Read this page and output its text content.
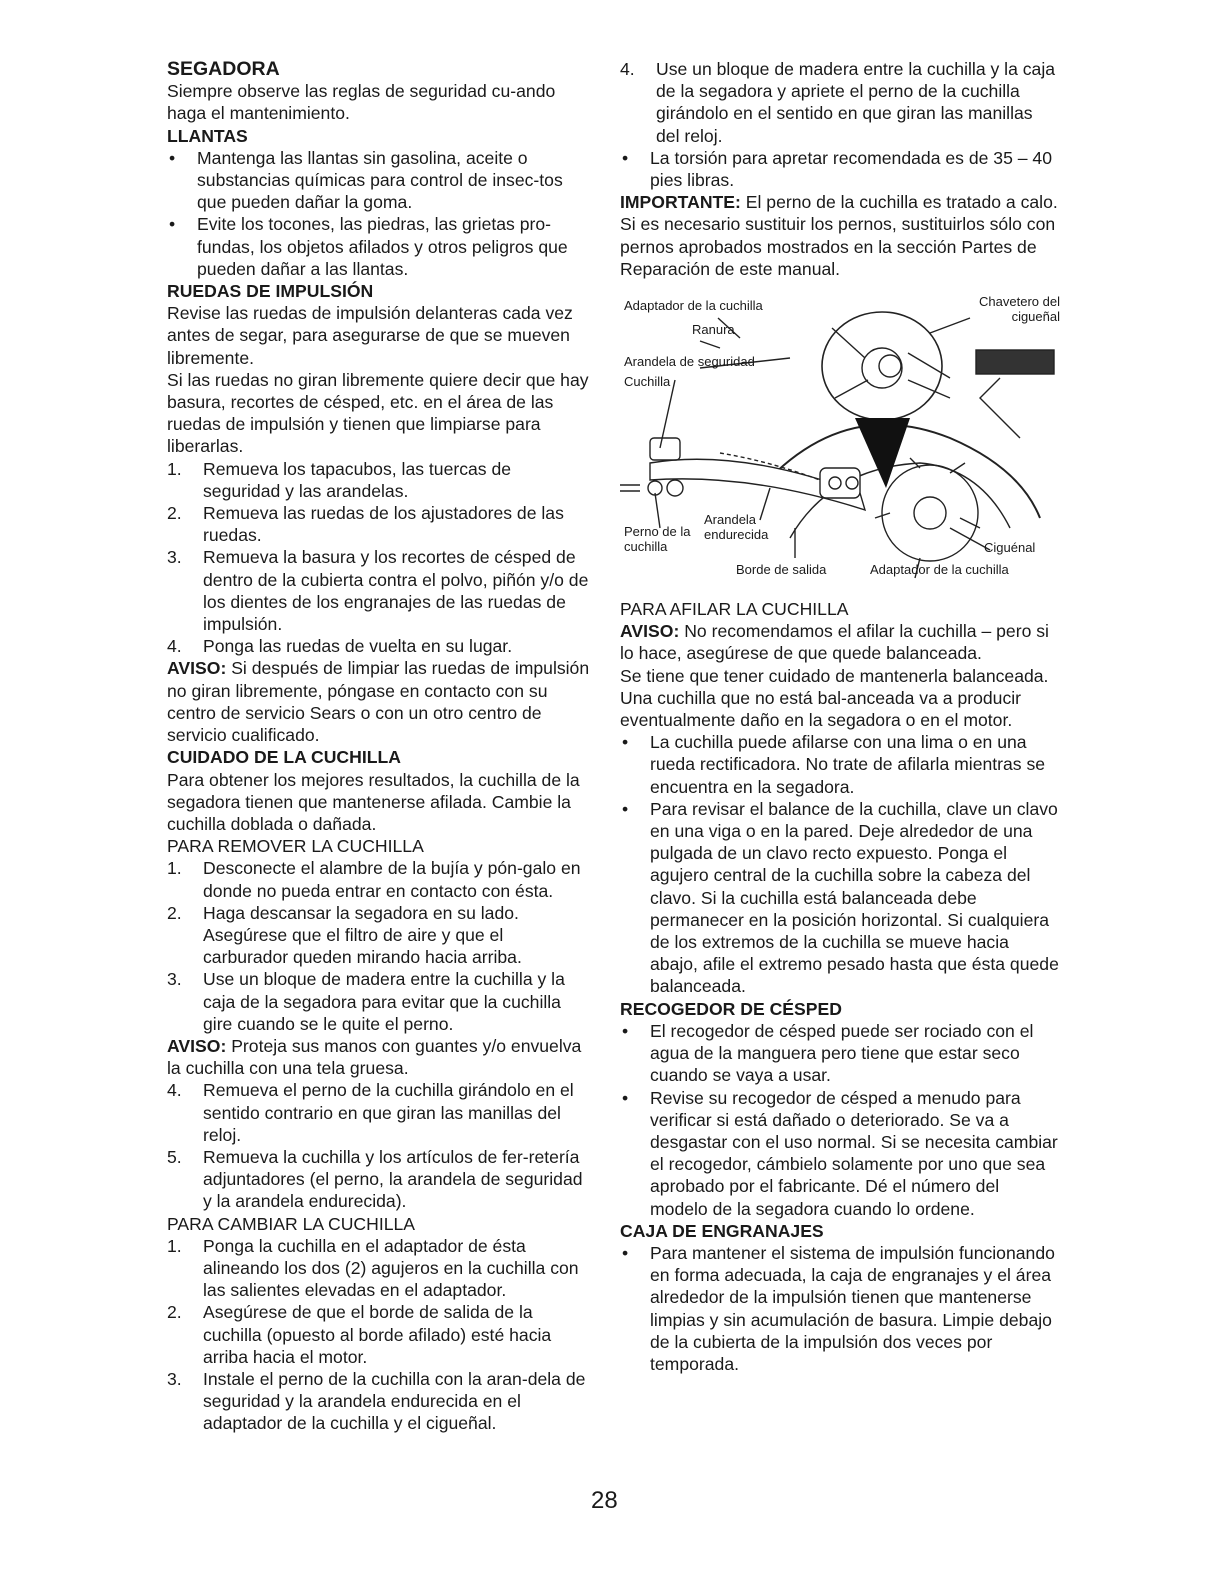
SEGADORA

Siempre observe las reglas de seguridad cu-ando haga el mantenimiento.

LLANTAS

•	Mantenga las llantas sin gasolina, aceite o substancias químicas para control de insec-tos que pueden dañar la goma.
•	Evite los tocones, las piedras, las grietas pro-fundas, los objetos afilados y otros peligros que pueden dañar a las llantas.

RUEDAS DE IMPULSIÓN

Revise las ruedas de impulsión delanteras cada vez antes de segar, para asegurarse de que se mueven libremente.

Si las ruedas no giran libremente quiere decir que hay basura, recortes de césped, etc. en el área de las ruedas de impulsión y tienen que limpiarse para liberarlas.

1.	Remueva los tapacubos, las tuercas de seguridad y las arandelas.
2.	Remueva las ruedas de los ajustadores de las ruedas.
3.	Remueva la basura y los recortes de césped de dentro de la cubierta contra el polvo, piñón y/o de los dientes de los engranajes de las ruedas de impulsión.
4.	Ponga las ruedas de vuelta en su lugar.

AVISO: Si después de limpiar las ruedas de impulsión no giran libremente, póngase en contacto con su centro de servicio Sears o con un otro centro de servicio cualificado.

CUIDADO DE LA CUCHILLA

Para obtener los mejores resultados, la cuchilla de la segadora tienen que mantenerse afilada. Cambie la cuchilla doblada o dañada.

PARA REMOVER LA CUCHILLA

1.	Desconecte el alambre de la bujía y pón-galo en donde no pueda entrar en contacto con ésta.
2.	Haga descansar la segadora en su lado. Asegúrese que el filtro de aire y que el carburador queden mirando hacia arriba.
3.	Use un bloque de madera entre la cuchilla y la caja de la segadora para evitar que la cuchilla gire cuando se le quite el perno.

AVISO: Proteja sus manos con guantes y/o envuelva la cuchilla con una tela gruesa.

4.	Remueva el perno de la cuchilla girándolo en el sentido contrario en que giran las manillas del reloj.
5.	Remueva la cuchilla y los artículos de fer-retería adjuntadores (el perno, la arandela de seguridad y la arandela endurecida).

PARA CAMBIAR LA CUCHILLA

1.	Ponga la cuchilla en el adaptador de ésta alineando los dos (2) agujeros en la cuchilla con las salientes elevadas en el adaptador.
2.	Asegúrese de que el borde de salida de la cuchilla (opuesto al borde afilado) esté hacia arriba hacia el motor.
3.	Instale el perno de la cuchilla con la aran-dela de seguridad y la arandela endurecida en el adaptador de la cuchilla y el cigueñal.
4.	Use un bloque de madera entre la cuchilla y la caja de la segadora y apriete el perno de la cuchilla girándolo en el sentido en que giran las manillas del reloj.
•	La torsión para apretar recomendada es de 35 – 40 pies libras.

IMPORTANTE: El perno de la cuchilla es tratado a calo. Si es necesario sustituir los pernos, sustituirlos sólo con pernos aprobados mostrados en la sección Partes de Reparación de este manual.

Adaptador de la cuchilla	Chavetero del cigueñal
Ranura
Arandela de seguridad
Cuchilla
Perno de la cuchilla
Arandela endurecida
Ciguénal
Borde de salida	Adaptador de la cuchilla

PARA AFILAR LA CUCHILLA

AVISO: No recomendamos el afilar la cuchilla – pero si lo hace, asegúrese de que quede balanceada.

Se tiene que tener cuidado de mantenerla balanceada. Una cuchilla que no está bal-anceada va a producir eventualmente daño en la segadora o en el motor.

•	La cuchilla puede afilarse con una lima o en una rueda rectificadora. No trate de afilarla mientras se encuentra en la segadora.
•	Para revisar el balance de la cuchilla, clave un clavo en una viga o en la pared. Deje alrededor de una pulgada de un clavo recto expuesto. Ponga el agujero central de la cuchilla sobre la cabeza del clavo. Si la cuchilla está balanceada debe permanecer en la posición horizontal. Si cualquiera de los extremos de la cuchilla se mueve hacia abajo, afile el extremo pesado hasta que ésta quede balanceada.

RECOGEDOR DE CÉSPED

•	El recogedor de césped puede ser rociado con el agua de la manguera pero tiene que estar seco cuando se vaya a usar.
•	Revise su recogedor de césped a menudo para verificar si está dañado o deteriorado. Se va a desgastar con el uso normal. Si se necesita cambiar el recogedor, cámbielo solamente por uno que sea aprobado por el fabricante. Dé el número del modelo de la segadora cuando lo ordene.

CAJA DE ENGRANAJES

•	Para mantener el sistema de impulsión funcionando en forma adecuada, la caja de engranajes y el área alrededor de la impulsión tienen que mantenerse limpias y sin acumulación de basura. Limpie debajo de la cubierta de la impulsión dos veces por temporada.
28
